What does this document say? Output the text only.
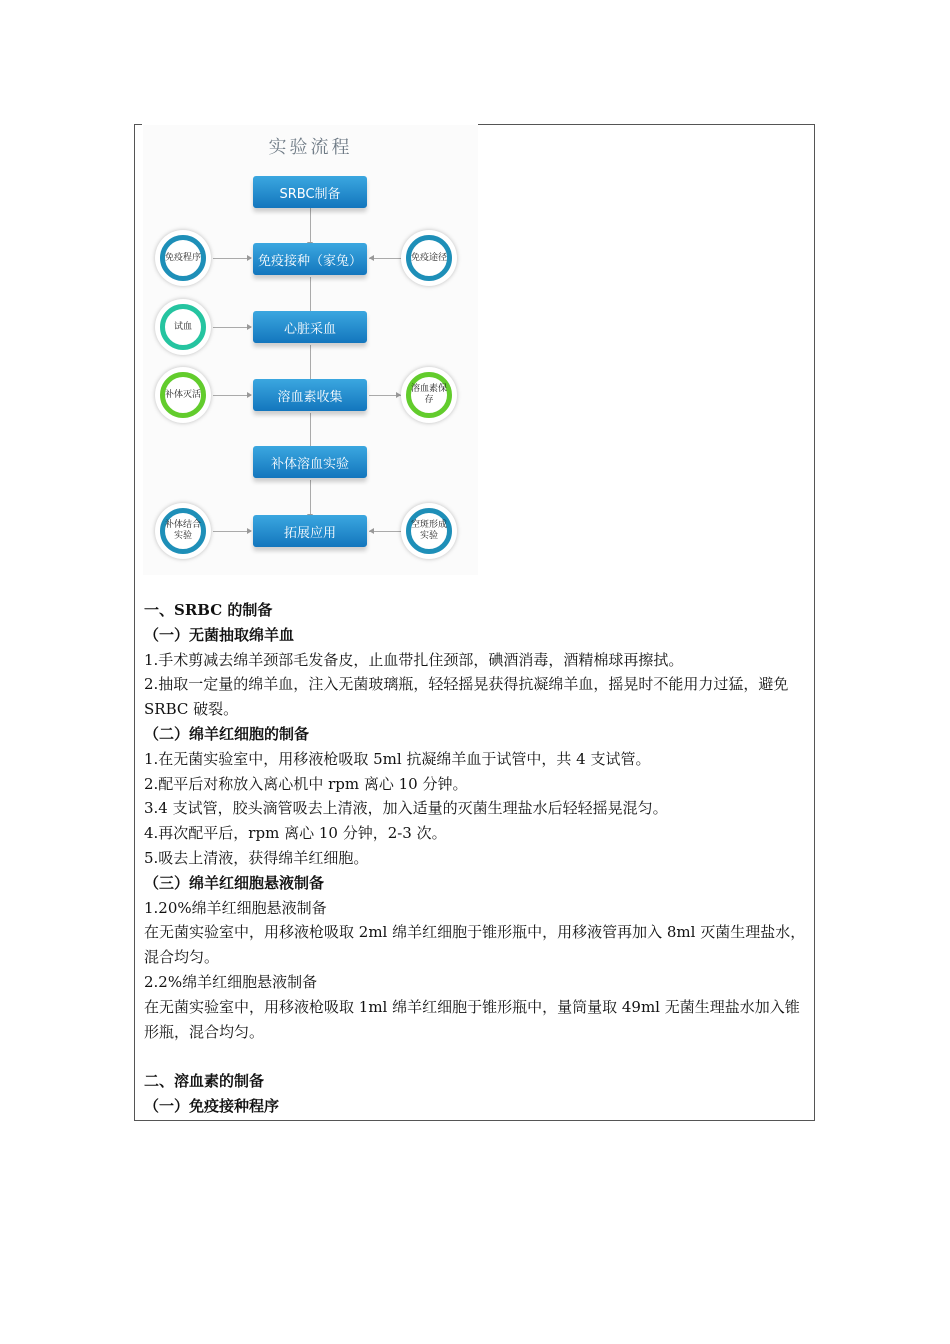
实验流程
SRBC制备
免疫接种（家兔）
心脏采血
溶血素收集
补体溶血实验
拓展应用
免疫程序
试血
补体灭活
补体结合实验
免疫途径
溶血素保存
空斑形成实验

一、SRBC 的制备

（一）无菌抽取绵羊血

1.手术剪减去绵羊颈部毛发备皮，止血带扎住颈部，碘酒消毒，酒精棉球再擦拭。

2.抽取一定量的绵羊血，注入无菌玻璃瓶，轻轻摇晃获得抗凝绵羊血，摇晃时不能用力过猛，避免 SRBC 破裂。

（二）绵羊红细胞的制备

1.在无菌实验室中，用移液枪吸取 5ml 抗凝绵羊血于试管中，共 4 支试管。

2.配平后对称放入离心机中 rpm 离心 10 分钟。

3.4 支试管，胶头滴管吸去上清液，加入适量的灭菌生理盐水后轻轻摇晃混匀。

4.再次配平后，rpm 离心 10 分钟，2-3 次。

5.吸去上清液，获得绵羊红细胞。

（三）绵羊红细胞悬液制备

1.20%绵羊红细胞悬液制备

在无菌实验室中，用移液枪吸取 2ml 绵羊红细胞于锥形瓶中，用移液管再加入 8ml 灭菌生理盐水，混合均匀。

2.2%绵羊红细胞悬液制备

在无菌实验室中，用移液枪吸取 1ml 绵羊红细胞于锥形瓶中，量筒量取 49ml 无菌生理盐水加入锥形瓶，混合均匀。

二、溶血素的制备

（一）免疫接种程序
